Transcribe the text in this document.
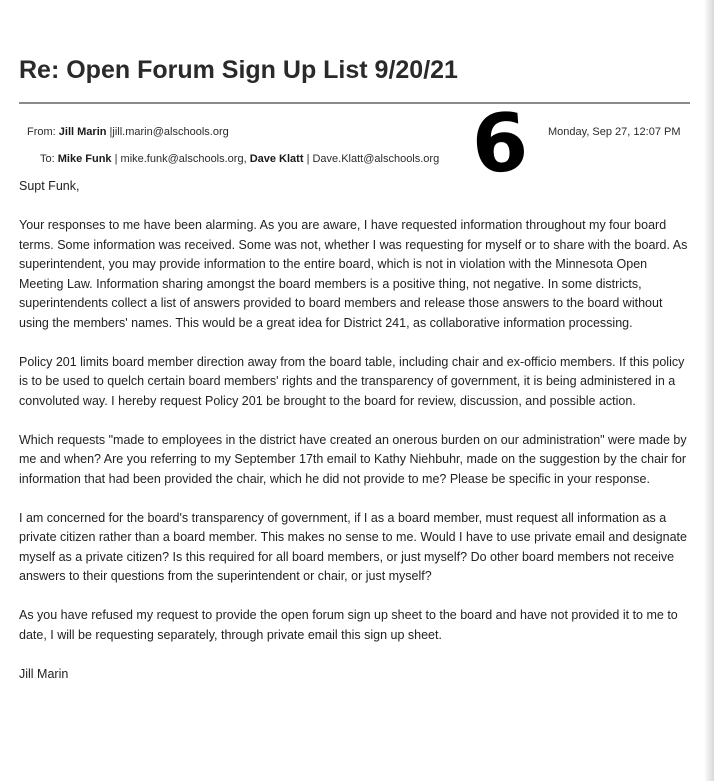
Re: Open Forum Sign Up List 9/20/21
From: Jill Marin |jill.marin@alschools.org
To: Mike Funk | mike.funk@alschools.org, Dave Klatt | Dave.Klatt@alschools.org
Monday, Sep 27, 12:07 PM
6

Supt Funk,

Your responses to me have been alarming. As you are aware, I have requested information throughout my four board terms. Some information was received. Some was not, whether I was requesting for myself or to share with the board. As superintendent, you may provide information to the entire board, which is not in violation with the Minnesota Open Meeting Law. Information sharing amongst the board members is a positive thing, not negative. In some districts, superintendents collect a list of answers provided to board members and release those answers to the board without using the members' names. This would be a great idea for District 241, as collaborative information processing.

Policy 201 limits board member direction away from the board table, including chair and ex-officio members. If this policy is to be used to quelch certain board members' rights and the transparency of government, it is being administered in a convoluted way. I hereby request Policy 201 be brought to the board for review, discussion, and possible action.

Which requests "made to employees in the district have created an onerous burden on our administration" were made by me and when? Are you referring to my September 17th email to Kathy Niehbuhr, made on the suggestion by the chair for information that had been provided the chair, which he did not provide to me? Please be specific in your response.

I am concerned for the board's transparency of government, if I as a board member, must request all information as a private citizen rather than a board member. This makes no sense to me. Would I have to use private email and designate myself as a private citizen? Is this required for all board members, or just myself? Do other board members not receive answers to their questions from the superintendent or chair, or just myself?

As you have refused my request to provide the open forum sign up sheet to the board and have not provided it to me to date, I will be requesting separately, through private email this sign up sheet.

Jill Marin
